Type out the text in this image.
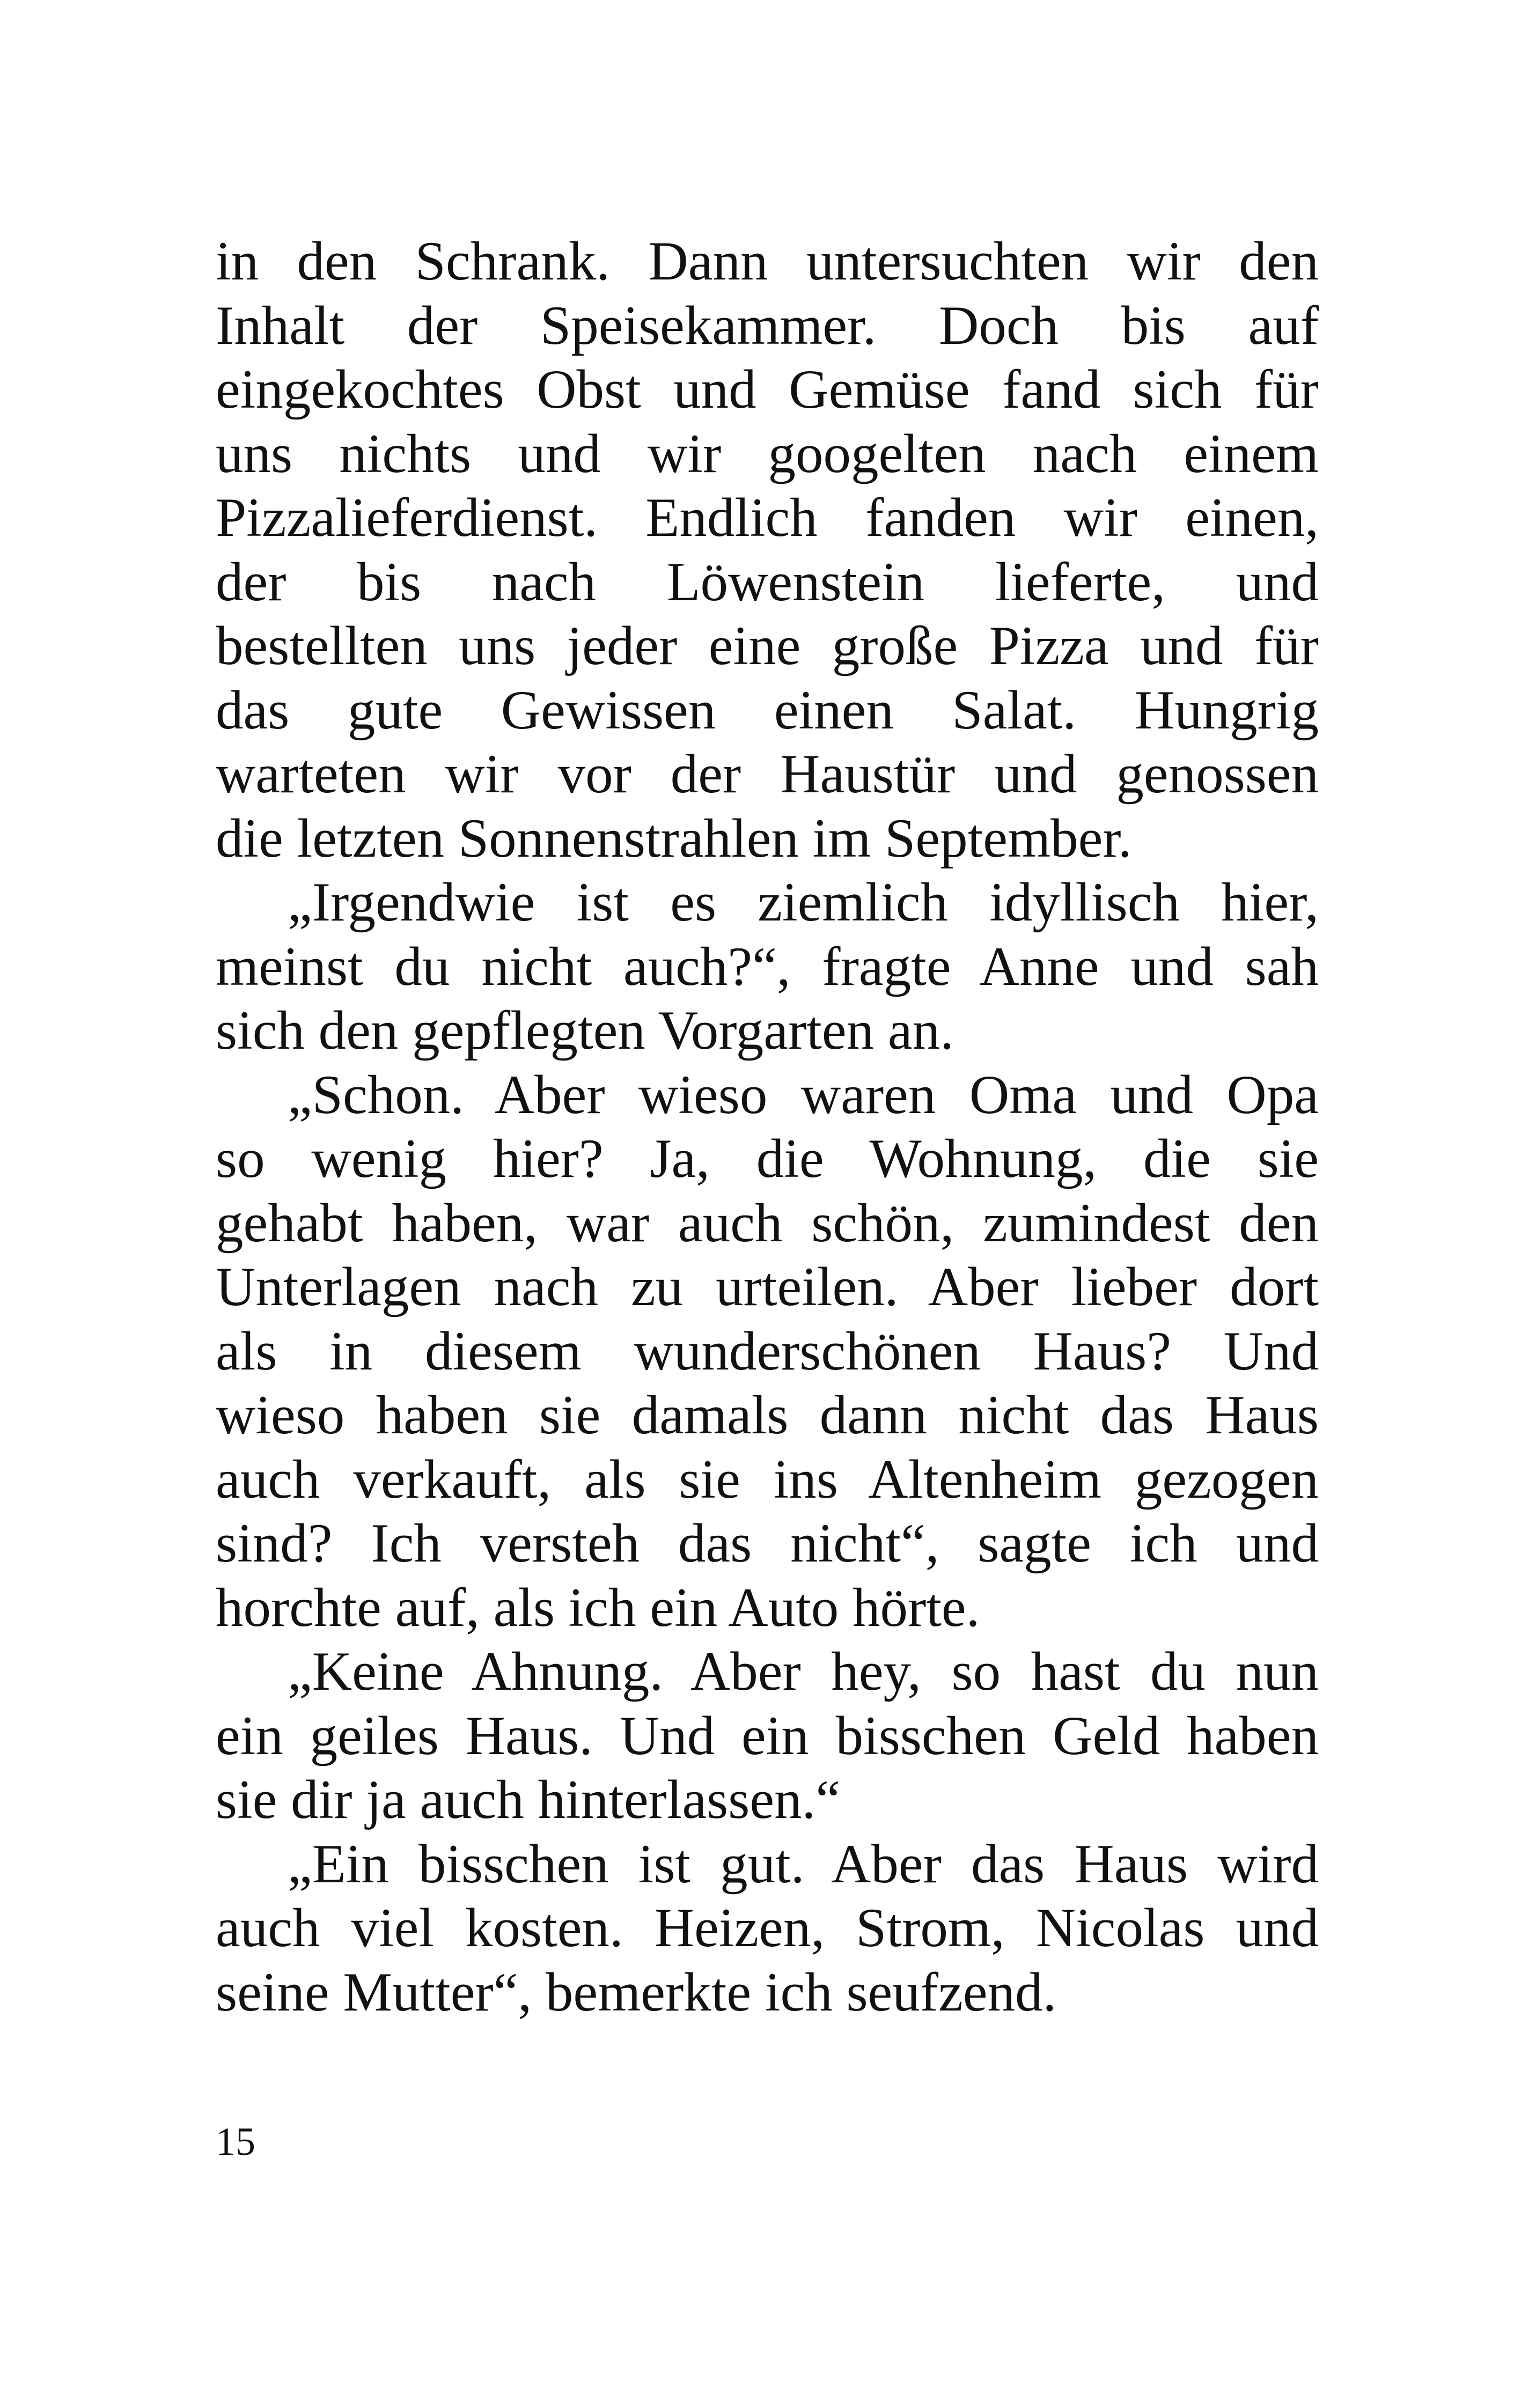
in den Schrank. Dann untersuchten wir den
Inhalt der Speisekammer. Doch bis auf
eingekochtes Obst und Gemüse fand sich für
uns nichts und wir googelten nach einem
Pizzalieferdienst. Endlich fanden wir einen,
der bis nach Löwenstein lieferte, und
bestellten uns jeder eine große Pizza und für
das gute Gewissen einen Salat. Hungrig
warteten wir vor der Haustür und genossen
die letzten Sonnenstrahlen im September.
„Irgendwie ist es ziemlich idyllisch hier,
meinst du nicht auch?“, fragte Anne und sah
sich den gepflegten Vorgarten an.
„Schon. Aber wieso waren Oma und Opa
so wenig hier? Ja, die Wohnung, die sie
gehabt haben, war auch schön, zumindest den
Unterlagen nach zu urteilen. Aber lieber dort
als in diesem wunderschönen Haus? Und
wieso haben sie damals dann nicht das Haus
auch verkauft, als sie ins Altenheim gezogen
sind? Ich versteh das nicht“, sagte ich und
horchte auf, als ich ein Auto hörte.
„Keine Ahnung. Aber hey, so hast du nun
ein geiles Haus. Und ein bisschen Geld haben
sie dir ja auch hinterlassen.“
„Ein bisschen ist gut. Aber das Haus wird
auch viel kosten. Heizen, Strom, Nicolas und
seine Mutter“, bemerkte ich seufzend.
15
